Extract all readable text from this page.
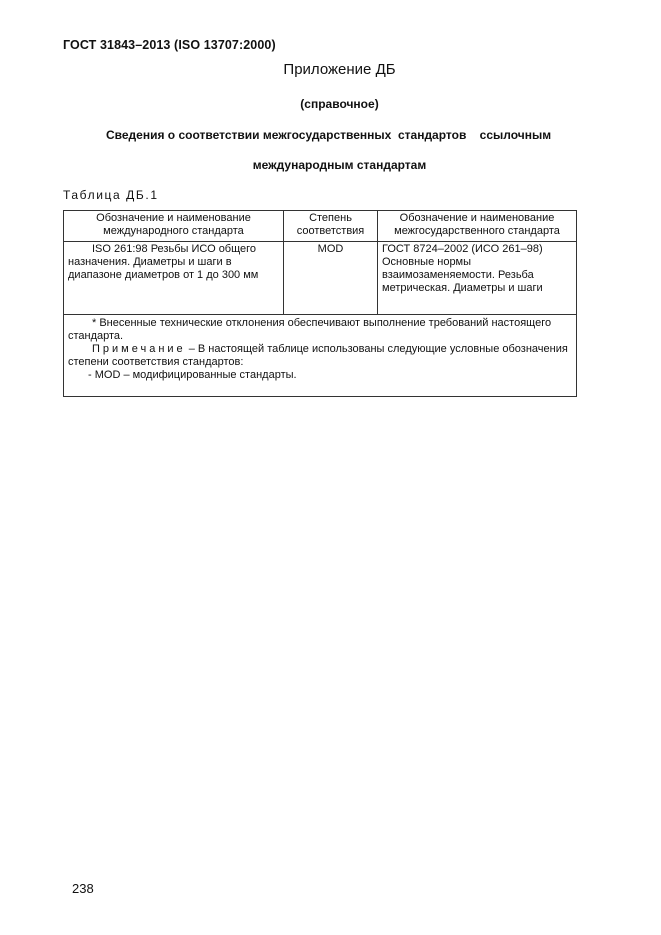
ГОСТ 31843–2013 (ISO 13707:2000)
Приложение ДБ
(справочное)
Сведения о соответствии межгосударственных  стандартов    ссылочным
международным стандартам
Таблица ДБ.1
Обозначение и наименование международного стандарта	Степень соответствия	Обозначение и наименование межгосударственного стандарта
ISO 261:98 Резьбы ИСО общего назначения. Диаметры и шаги в диапазоне диаметров от 1 до 300 мм	MOD	ГОСТ 8724–2002 (ИСО 261–98) Основные нормы взаимозаменяемости. Резьба метрическая. Диаметры и шаги

* Внесенные технические отклонения обеспечивают выполнение требований настоящего стандарта.

Примечание – В настоящей таблице использованы следующие условные обозначения степени соответствия стандартов:

- MOD – модифицированные стандарты.		

238
